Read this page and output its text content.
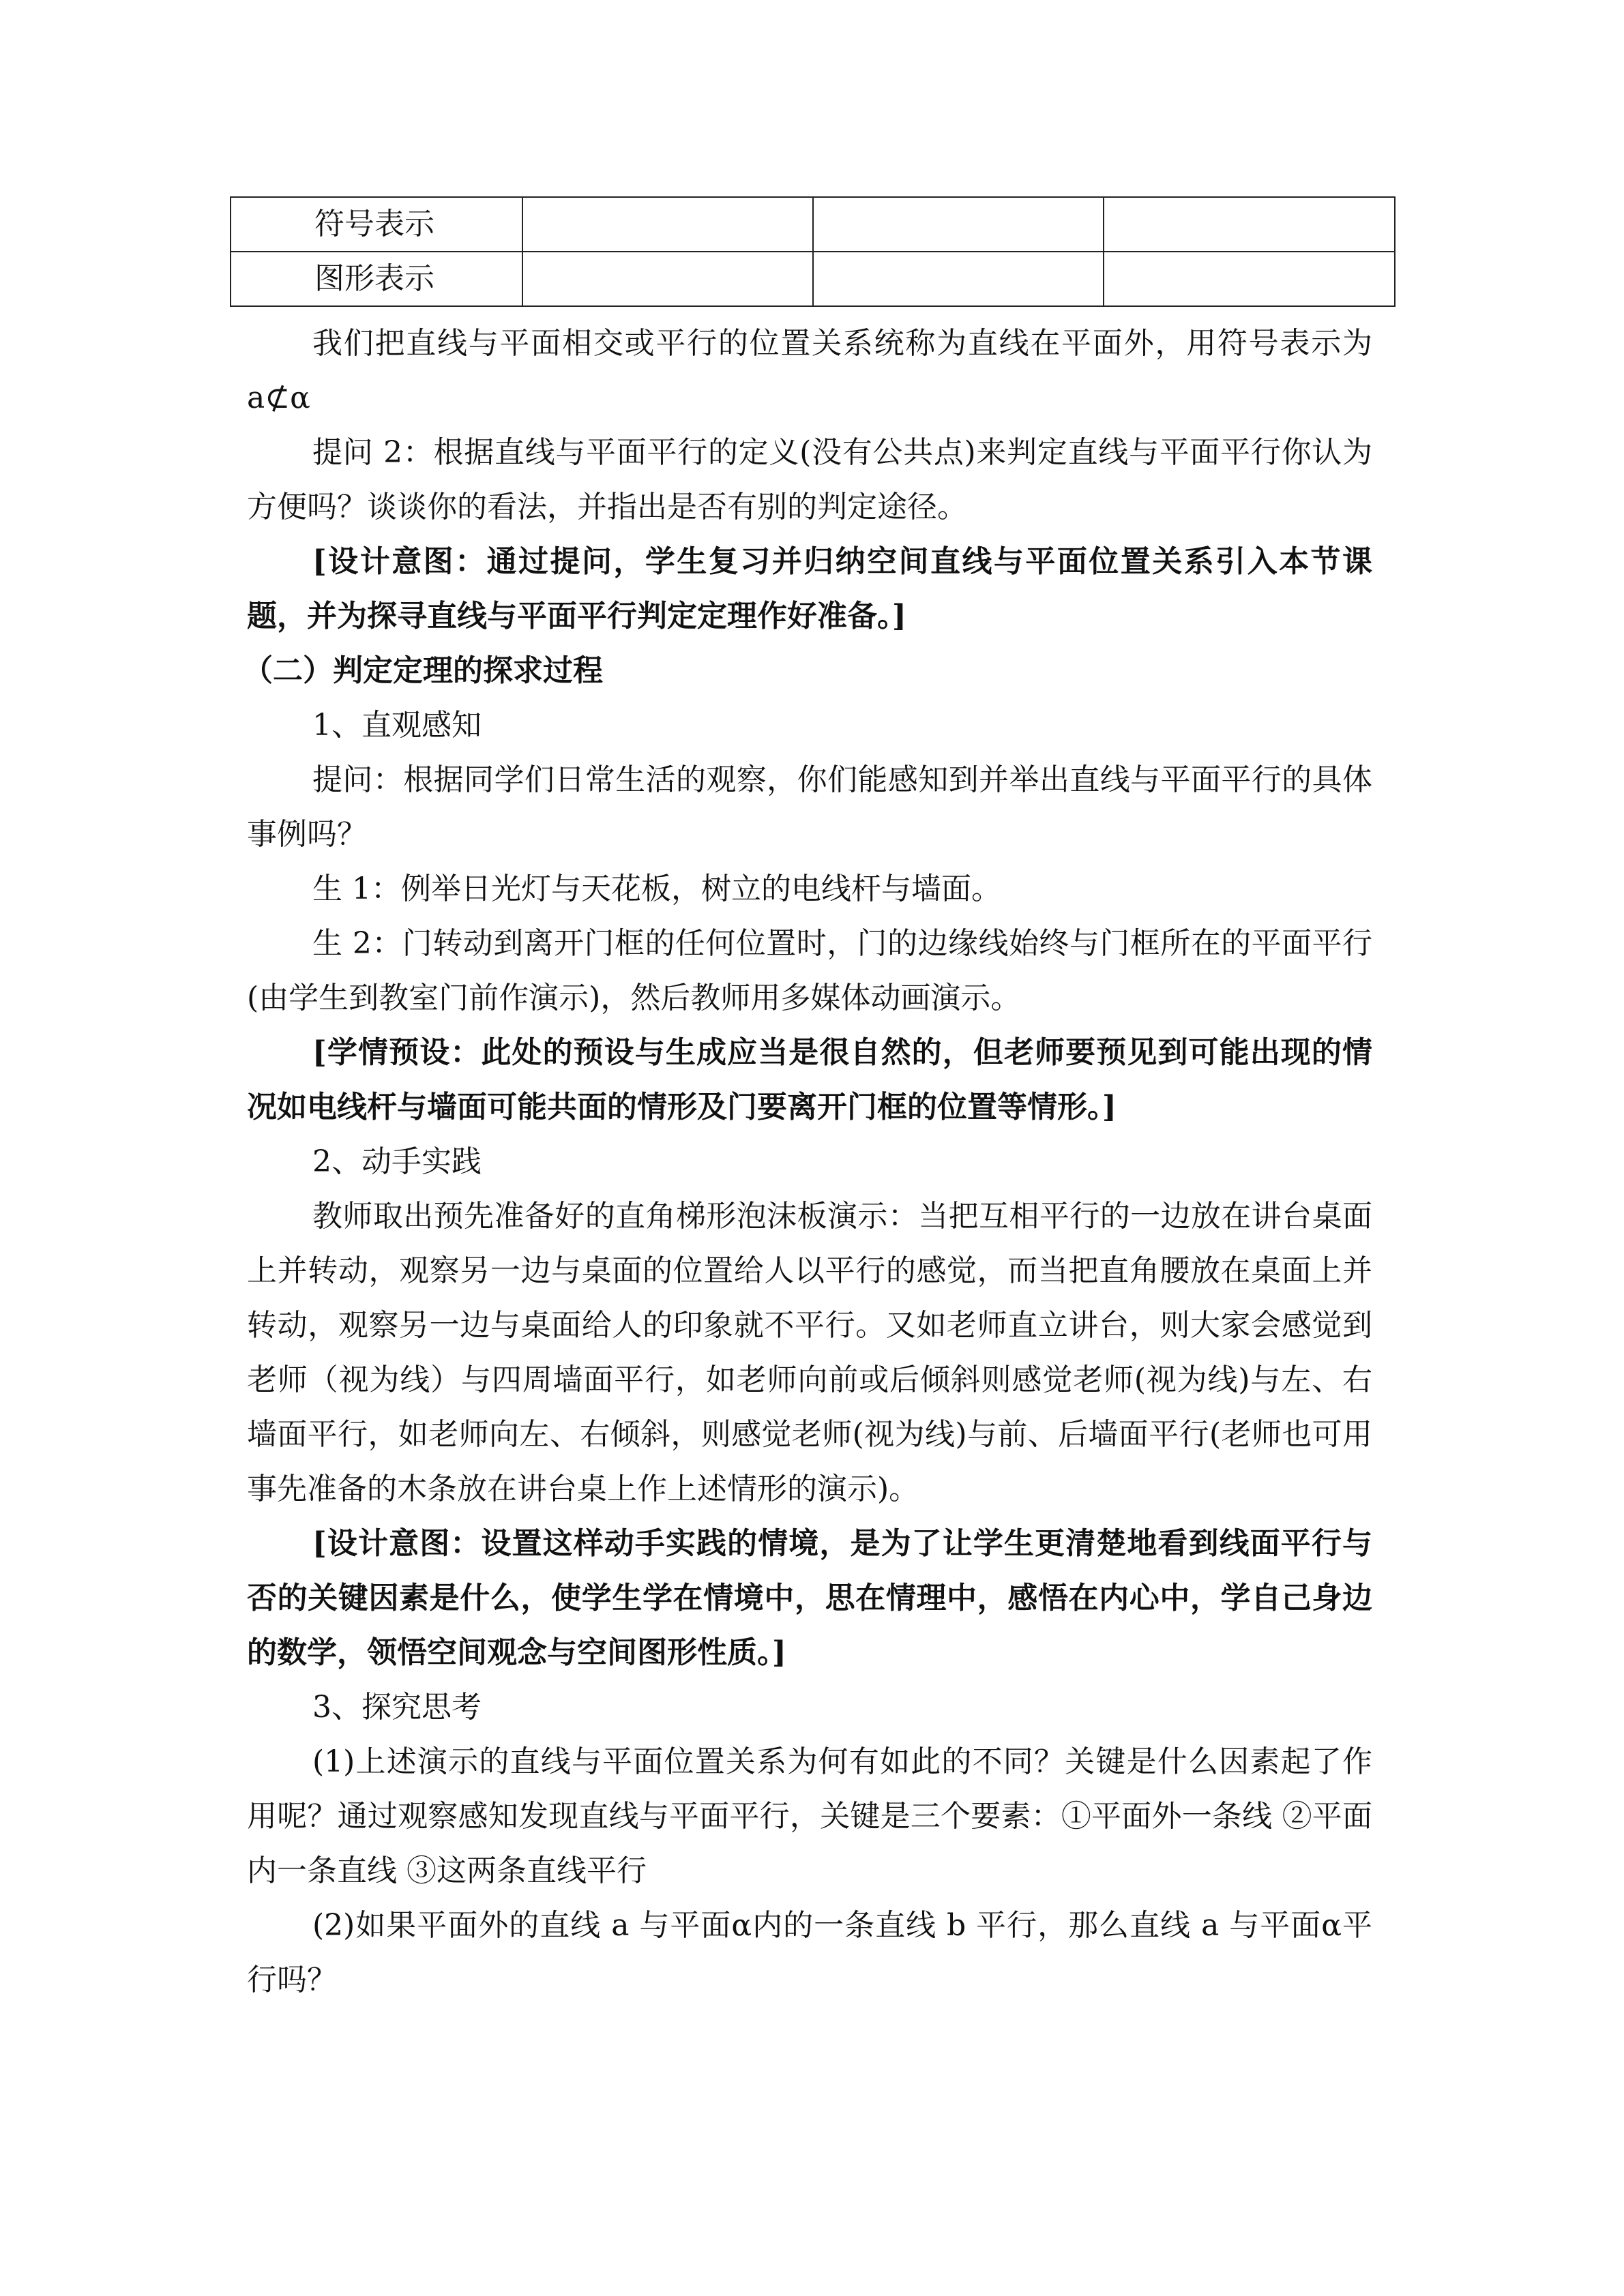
符号表示			
图形表示			

我们把直线与平面相交或平行的位置关系统称为直线在平面外，用符号表示为 a⊄α

提问 2：根据直线与平面平行的定义(没有公共点)来判定直线与平面平行你认为方便吗？谈谈你的看法，并指出是否有别的判定途径。

[设计意图：通过提问，学生复习并归纳空间直线与平面位置关系引入本节课题，并为探寻直线与平面平行判定定理作好准备。]

（二）判定定理的探求过程

1、直观感知

提问：根据同学们日常生活的观察，你们能感知到并举出直线与平面平行的具体事例吗？

生 1：例举日光灯与天花板，树立的电线杆与墙面。

生 2：门转动到离开门框的任何位置时，门的边缘线始终与门框所在的平面平行(由学生到教室门前作演示)，然后教师用多媒体动画演示。

[学情预设：此处的预设与生成应当是很自然的，但老师要预见到可能出现的情况如电线杆与墙面可能共面的情形及门要离开门框的位置等情形。]

2、动手实践

教师取出预先准备好的直角梯形泡沫板演示：当把互相平行的一边放在讲台桌面上并转动，观察另一边与桌面的位置给人以平行的感觉，而当把直角腰放在桌面上并转动，观察另一边与桌面给人的印象就不平行。又如老师直立讲台，则大家会感觉到老师（视为线）与四周墙面平行，如老师向前或后倾斜则感觉老师(视为线)与左、右墙面平行，如老师向左、右倾斜，则感觉老师(视为线)与前、后墙面平行(老师也可用事先准备的木条放在讲台桌上作上述情形的演示)。

[设计意图：设置这样动手实践的情境，是为了让学生更清楚地看到线面平行与否的关键因素是什么，使学生学在情境中，思在情理中，感悟在内心中，学自己身边的数学，领悟空间观念与空间图形性质。]

3、探究思考

(1)上述演示的直线与平面位置关系为何有如此的不同？关键是什么因素起了作用呢？通过观察感知发现直线与平面平行，关键是三个要素：①平面外一条线 ②平面内一条直线 ③这两条直线平行

(2)如果平面外的直线 a 与平面α内的一条直线 b 平行，那么直线 a 与平面α平行吗？
